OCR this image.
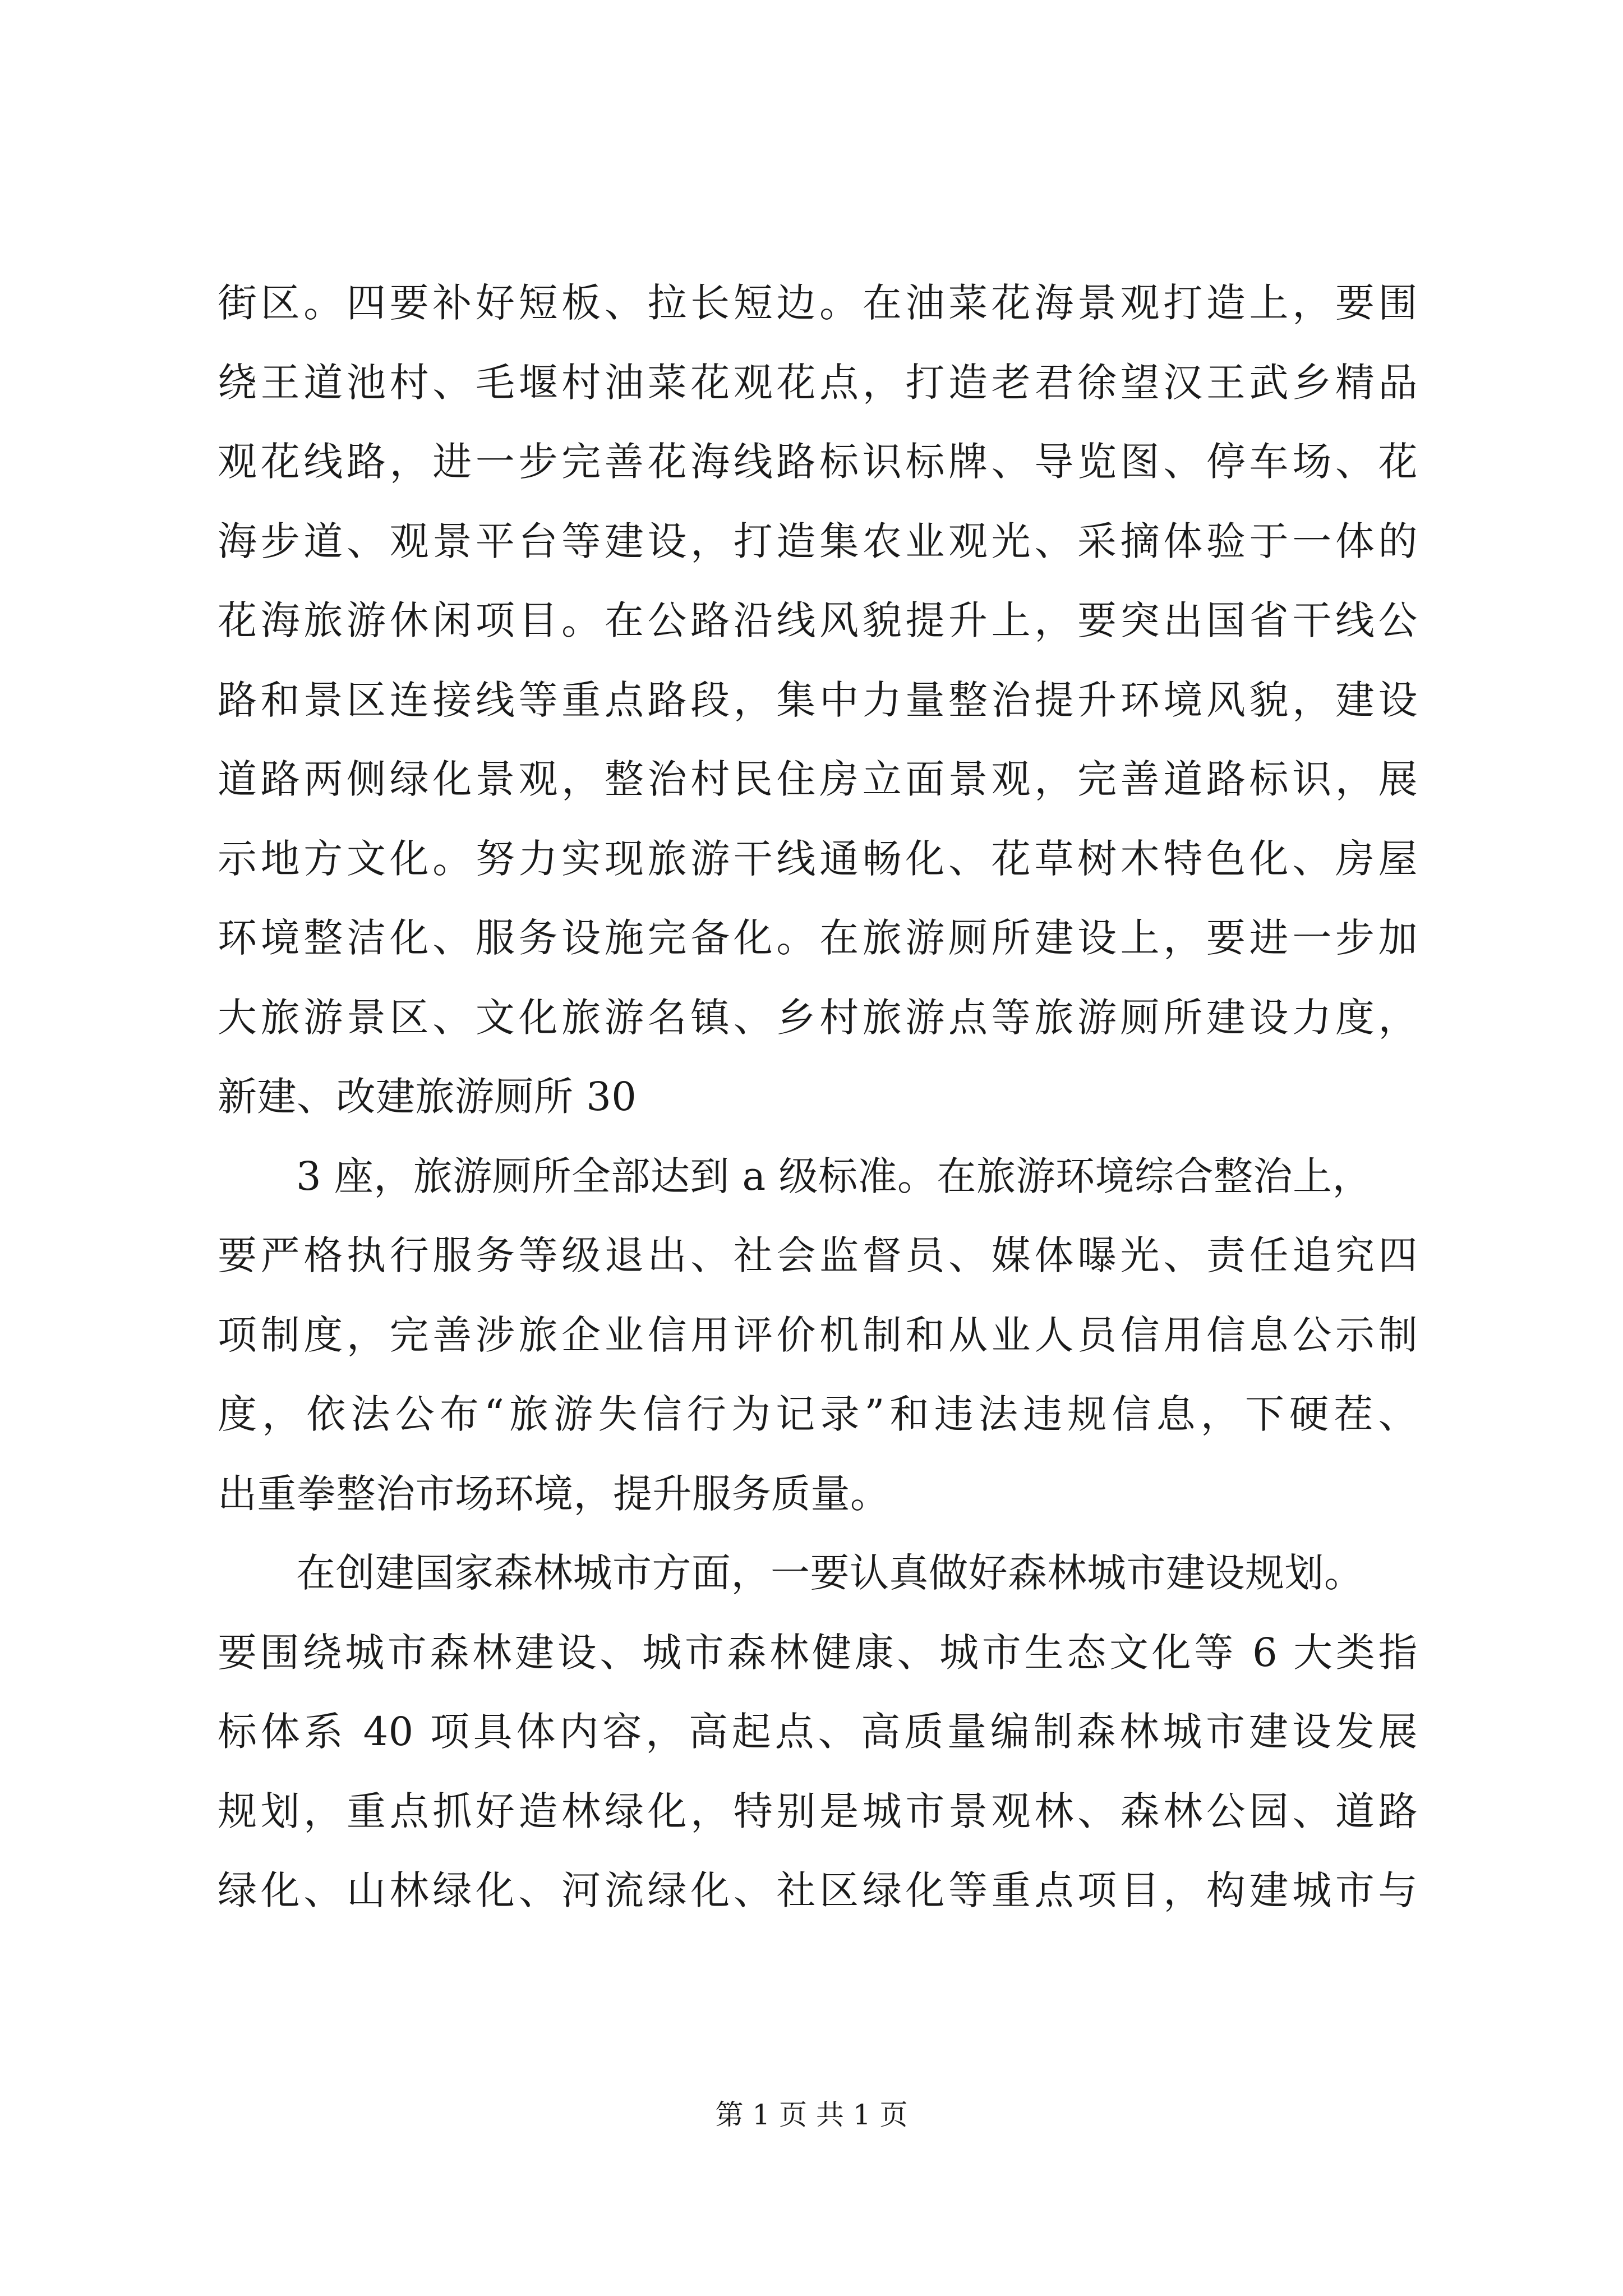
街区。四要补好短板、拉长短边。在油菜花海景观打造上，要围
绕王道池村、毛堰村油菜花观花点，打造老君徐望汉王武乡精品
观花线路，进一步完善花海线路标识标牌、导览图、停车场、花
海步道、观景平台等建设，打造集农业观光、采摘体验于一体的
花海旅游休闲项目。在公路沿线风貌提升上，要突出国省干线公
路和景区连接线等重点路段，集中力量整治提升环境风貌，建设
道路两侧绿化景观，整治村民住房立面景观，完善道路标识，展
示地方文化。努力实现旅游干线通畅化、花草树木特色化、房屋
环境整洁化、服务设施完备化。在旅游厕所建设上，要进一步加
大旅游景区、文化旅游名镇、乡村旅游点等旅游厕所建设力度，
新建、改建旅游厕所 30
3 座，旅游厕所全部达到 a 级标准。在旅游环境综合整治上，
要严格执行服务等级退出、社会监督员、媒体曝光、责任追究四
项制度，完善涉旅企业信用评价机制和从业人员信用信息公示制
度，依法公布“旅游失信行为记录”和违法违规信息，下硬茬、
出重拳整治市场环境，提升服务质量。
在创建国家森林城市方面，一要认真做好森林城市建设规划。
要围绕城市森林建设、城市森林健康、城市生态文化等 6 大类指
标体系 40 项具体内容，高起点、高质量编制森林城市建设发展
规划，重点抓好造林绿化，特别是城市景观林、森林公园、道路
绿化、山林绿化、河流绿化、社区绿化等重点项目，构建城市与
第 1 页 共 1 页
